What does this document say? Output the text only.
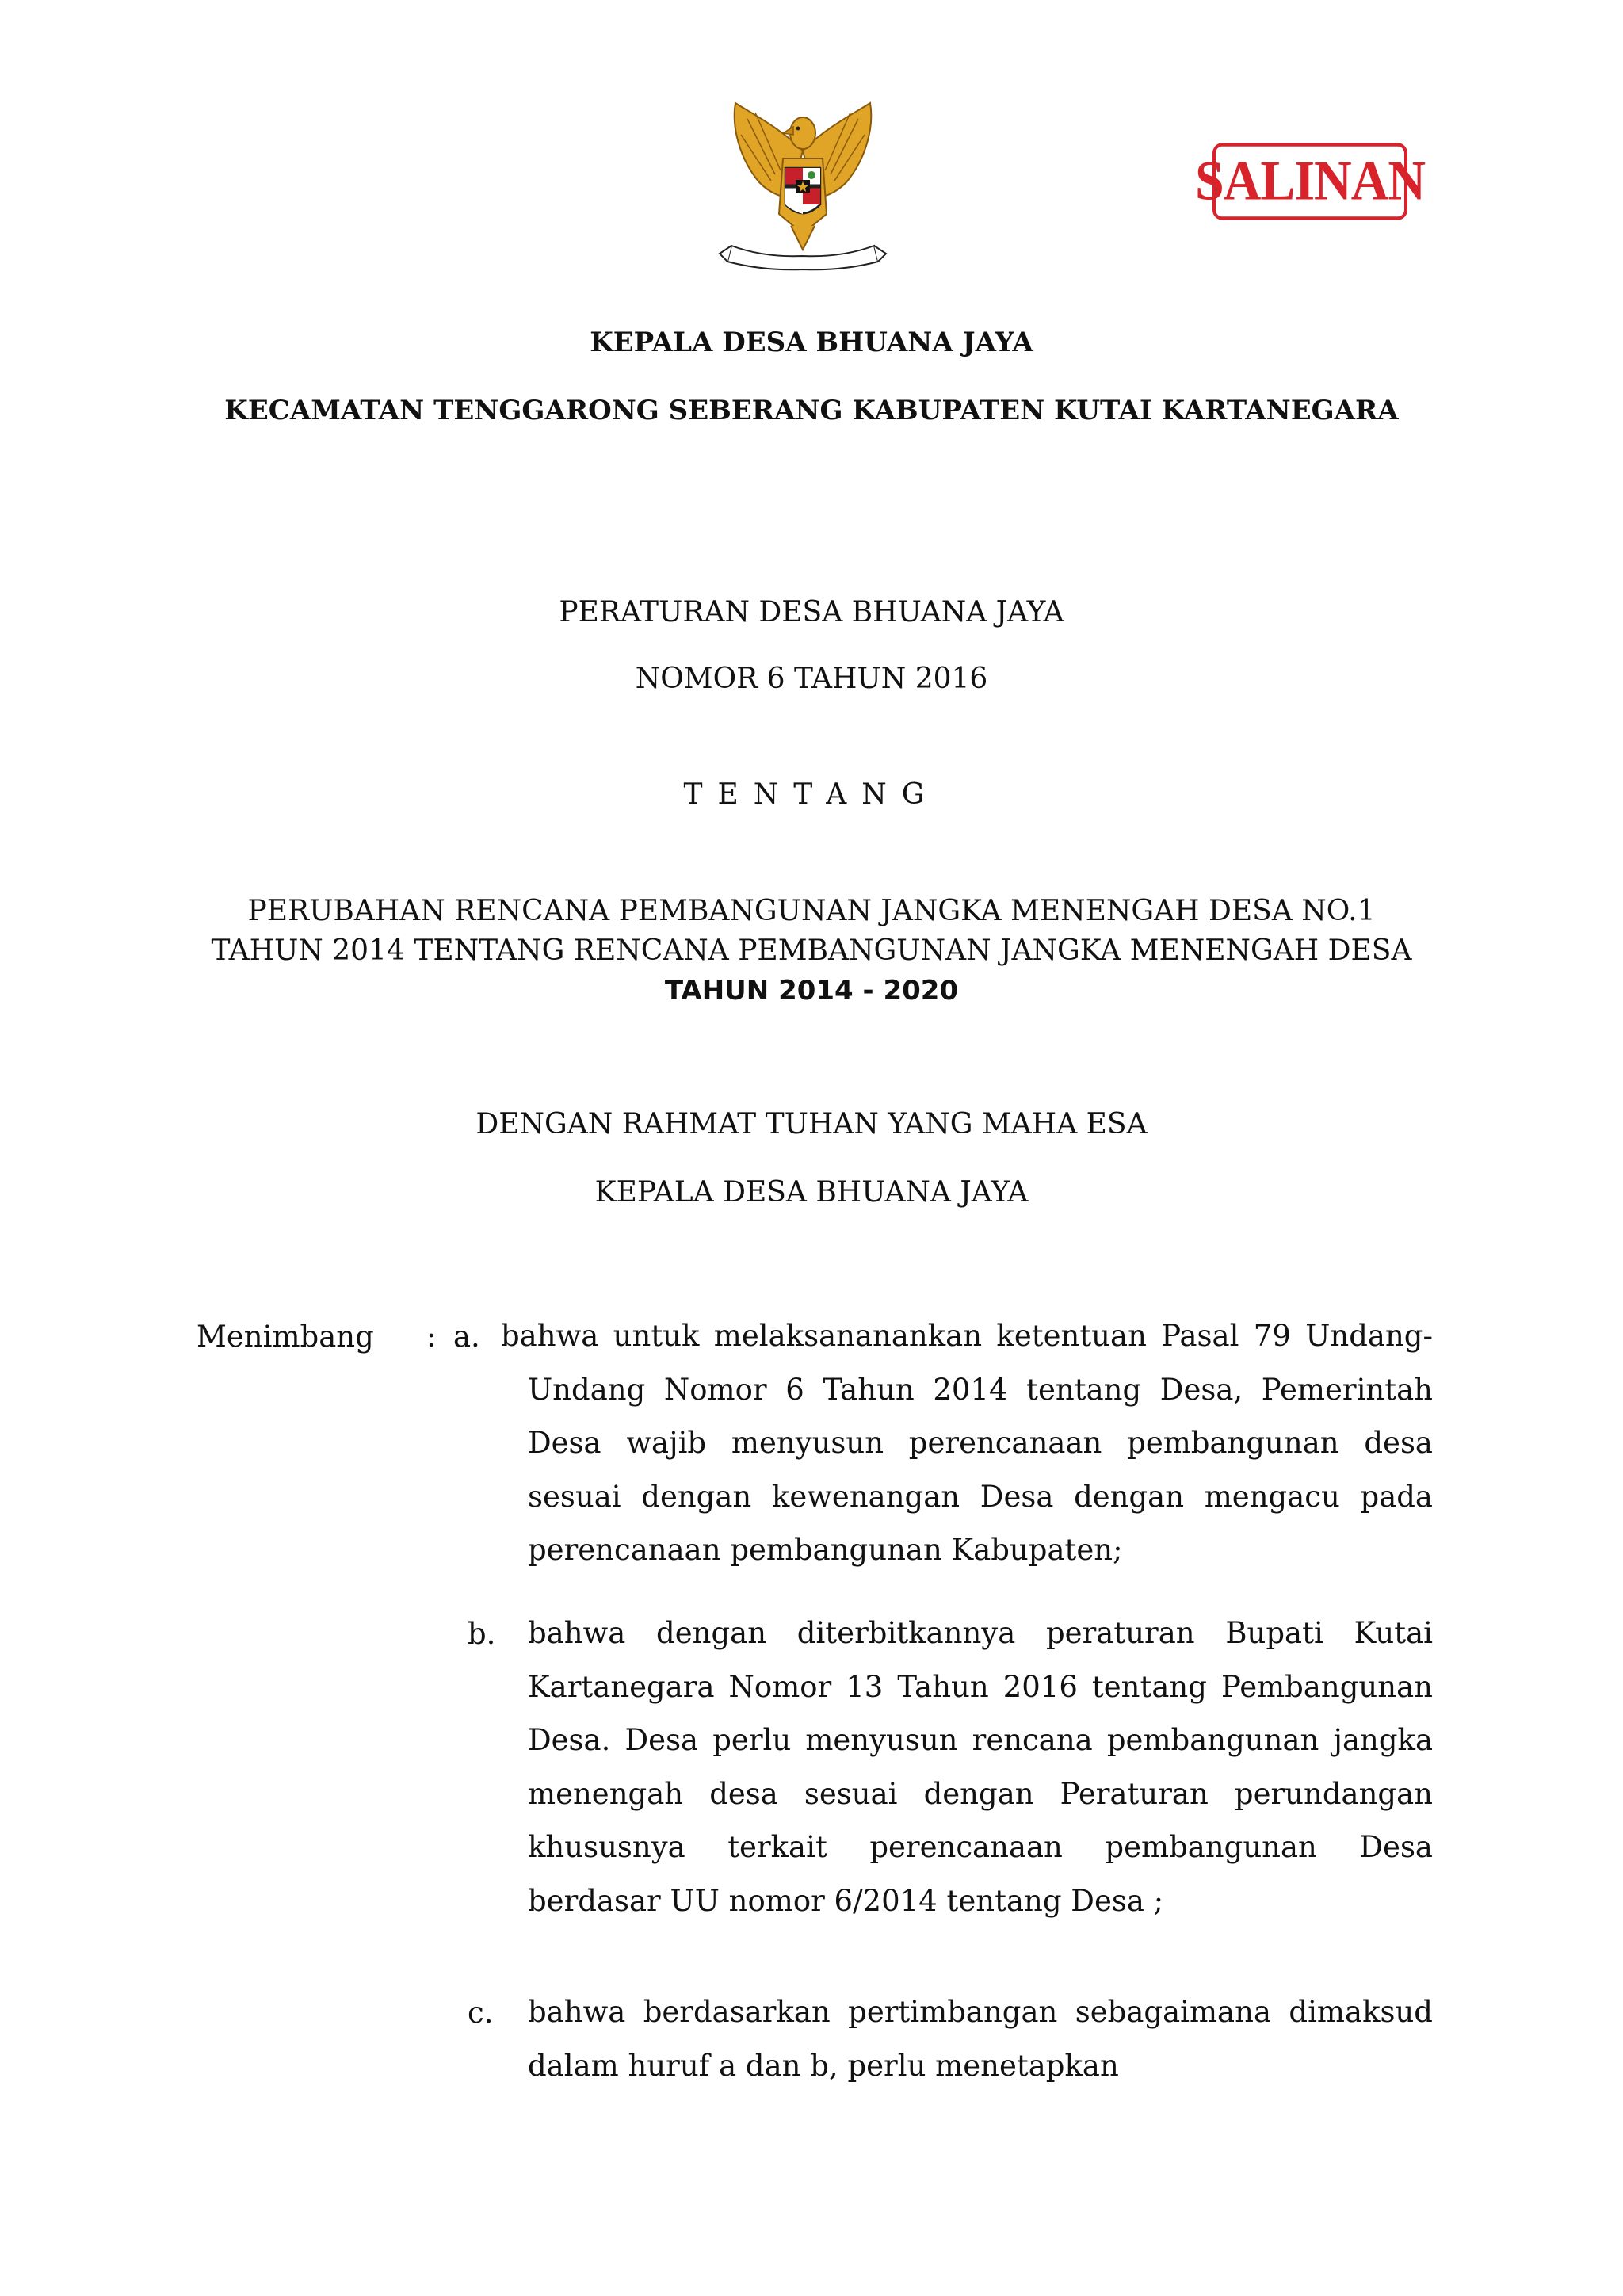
SALINAN
KEPALA DESA BHUANA JAYA
KECAMATAN TENGGARONG SEBERANG KABUPATEN KUTAI KARTANEGARA
PERATURAN DESA BHUANA JAYA
NOMOR 6 TAHUN 2016
TENTANG
PERUBAHAN RENCANA PEMBANGUNAN JANGKA MENENGAH DESA NO.1
TAHUN 2014 TENTANG RENCANA PEMBANGUNAN JANGKA MENENGAH DESA
TAHUN 2014 - 2020
DENGAN RAHMAT TUHAN YANG MAHA ESA
KEPALA DESA BHUANA JAYA
Menimbang : a. bahwa untuk melaksananankan ketentuan Pasal 79 Undang-
Undang Nomor 6 Tahun 2014 tentang Desa, Pemerintah
Desa wajib menyusun perencanaan pembangunan desa
sesuai dengan kewenangan Desa dengan mengacu pada
perencanaan pembangunan Kabupaten;
b. bahwa dengan diterbitkannya peraturan Bupati Kutai
Kartanegara Nomor 13 Tahun 2016 tentang Pembangunan
Desa. Desa perlu menyusun rencana pembangunan jangka
menengah desa sesuai dengan Peraturan perundangan
khususnya terkait perencanaan pembangunan Desa
berdasar UU nomor 6/2014 tentang Desa ;
c. bahwa berdasarkan pertimbangan sebagaimana dimaksud
dalam huruf a dan b, perlu menetapkan
